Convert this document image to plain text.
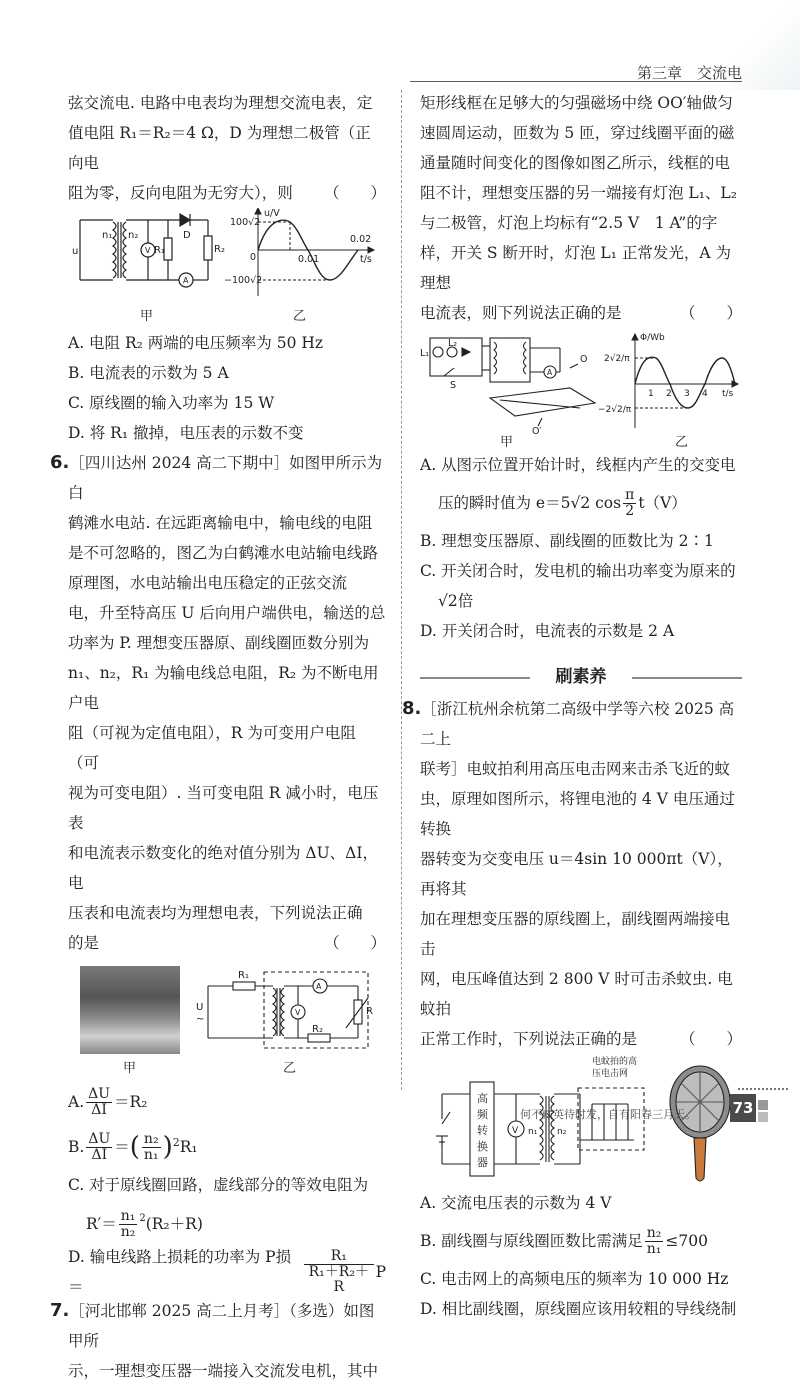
第三章　交流电

弦交流电. 电路中电表均为理想交流电表，定

值电阻 R₁＝R₂＝4 Ω，D 为理想二极管（正向电

阻为零，反向电阻为无穷大），则 （　　）

u
n₁ n₂
V R₁
D
R₂
A
甲
u/V
100√2
−100√2
0	0.01
0.02
t/s
乙

A. 电阻 R₂ 两端的电压频率为 50 Hz

B. 电流表的示数为 5 A

C. 原线圈的输入功率为 15 W

D. 将 R₁ 撤掉，电压表的示数不变

6.［四川达州 2024 高二下期中］如图甲所示为白

鹤滩水电站. 在远距离输电中，输电线的电阻

是不可忽略的，图乙为白鹤滩水电站输电线路

原理图，水电站输出电压稳定的正弦交流

电，升至特高压 U 后向用户端供电，输送的总

功率为 P. 理想变压器原、副线圈匝数分别为

n₁、n₂，R₁ 为输电线总电阻，R₂ 为不断电用户电

阻（可视为定值电阻），R 为可变用户电阻（可

视为可变电阻）. 当可变电阻 R 减小时，电压表

和电流表示数变化的绝对值分别为 ΔU、ΔI，电

压表和电流表均为理想电表，下列说法正确

的是	（　　）

R₁
U
~
A
V	R
R₂
甲	乙
A. $\frac{\Delta U}{\Delta I} =R_2$
B. $\frac{\Delta U}{\Delta I}$ ＝ ( $\frac{\text{n₂}}{\text{n₁}} )^2$ R₁

C. 对于原线圈回路，虚线部分的等效电阻为

$R'= \frac{\text{n₁}}{\text{n₂}}^2$ (R₂＋R)
D. 输电线路上损耗的功率为 P损＝	$\frac{\text{R₁}}{\text{R₁＋R₂＋R}}$ P

7.［河北邯郸 2025 高二上月考］（多选）如图甲所

示，一理想变压器一端接入交流发电机，其中

矩形线框在足够大的匀强磁场中绕 OO′轴做匀

速圆周运动，匝数为 5 匝，穿过线圈平面的磁

通量随时间变化的图像如图乙所示，线框的电

阻不计，理想变压器的另一端接有灯泡 L₁、L₂

与二极管，灯泡上均标有“2.5 V　1 A”的字

样，开关 S 断开时，灯泡 L₁ 正常发光，A 为理想

电流表，则下列说法正确的是	（　　）

L₁
L₂
S
A
O
O′
甲
Φ/Wb
2√2/π
−2√2/π
1 2 3 4 t/s
乙

A. 从图示位置开始计时，线框内产生的交变电

压的瞬时值为 e＝5√2 $\cos \frac{\pi}{2} t(V)$

B. 理想变压器原、副线圈的匝数比为 2∶1

C. 开关闭合时，发电机的输出功率变为原来的

√2倍

D. 开关闭合时，电流表的示数是 2 A

刷素养

8.［浙江杭州余杭第二高级中学等六校 2025 高二上

联考］电蚊拍利用高压电击网来击杀飞近的蚊

虫，原理如图所示，将锂电池的 4 V 电压通过转换

器转变为交变电压 u＝4sin 10 000πt（V），再将其

加在理想变压器的原线圈上，副线圈两端接电击

网，电压峰值达到 2 800 V 时可击杀蚊虫. 电蚊拍

正常工作时，下列说法正确的是	（　　）

电蚊拍的高
压电击网
高
频
转
换
器
V n₁ n₂

A. 交流电压表的示数为 4 V

B. 副线圈与原线圈匝数比需满足 $\frac{\text{n₂}}{\text{n₁}} \le 700$

C. 电击网上的高频电压的频率为 10 000 Hz

D. 相比副线圈，原线圈应该用较粗的导线绕制

何不藏英待时发，自有阳春三月天。 73
